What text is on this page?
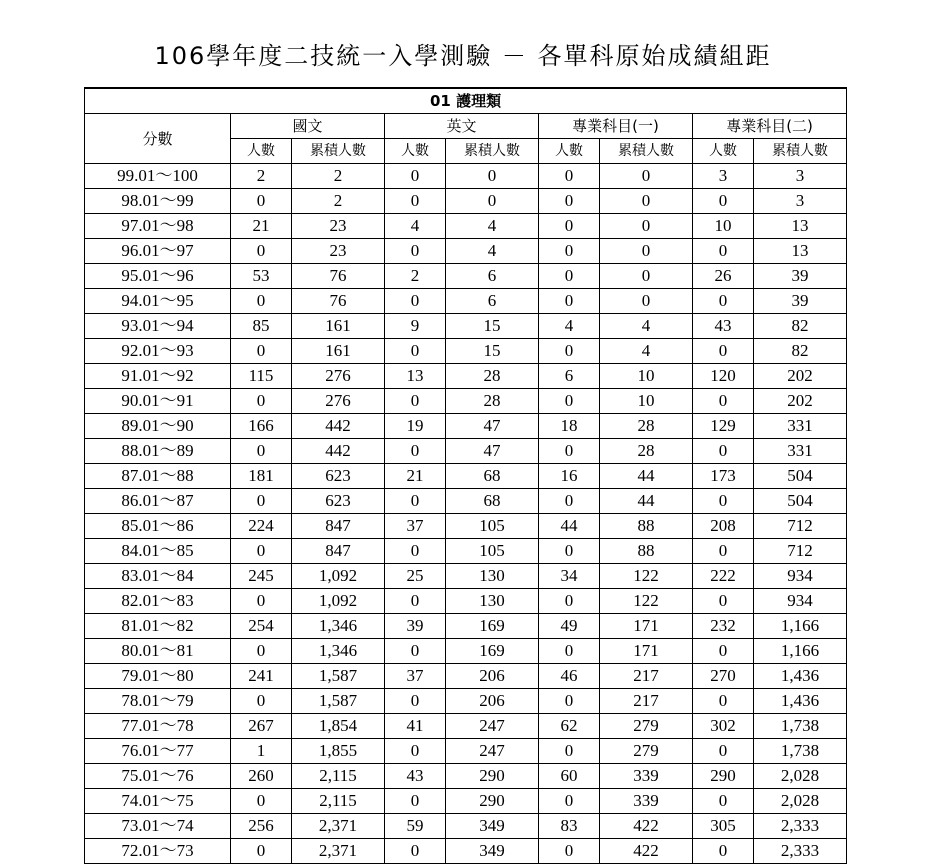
106學年度二技統一入學測驗 － 各單科原始成績組距
01 護理類								
分數	國文		英文		專業科目(一)		專業科目(二)	
	人數	累積人數	人數	累積人數	人數	累積人數	人數	累積人數
99.01～100	2	2	0	0	0	0	3	3
98.01～99	0	2	0	0	0	0	0	3
97.01～98	21	23	4	4	0	0	10	13
96.01～97	0	23	0	4	0	0	0	13
95.01～96	53	76	2	6	0	0	26	39
94.01～95	0	76	0	6	0	0	0	39
93.01～94	85	161	9	15	4	4	43	82
92.01～93	0	161	0	15	0	4	0	82
91.01～92	115	276	13	28	6	10	120	202
90.01～91	0	276	0	28	0	10	0	202
89.01～90	166	442	19	47	18	28	129	331
88.01～89	0	442	0	47	0	28	0	331
87.01～88	181	623	21	68	16	44	173	504
86.01～87	0	623	0	68	0	44	0	504
85.01～86	224	847	37	105	44	88	208	712
84.01～85	0	847	0	105	0	88	0	712
83.01～84	245	1,092	25	130	34	122	222	934
82.01～83	0	1,092	0	130	0	122	0	934
81.01～82	254	1,346	39	169	49	171	232	1,166
80.01～81	0	1,346	0	169	0	171	0	1,166
79.01～80	241	1,587	37	206	46	217	270	1,436
78.01～79	0	1,587	0	206	0	217	0	1,436
77.01～78	267	1,854	41	247	62	279	302	1,738
76.01～77	1	1,855	0	247	0	279	0	1,738
75.01～76	260	2,115	43	290	60	339	290	2,028
74.01～75	0	2,115	0	290	0	339	0	2,028
73.01～74	256	2,371	59	349	83	422	305	2,333
72.01～73	0	2,371	0	349	0	422	0	2,333
